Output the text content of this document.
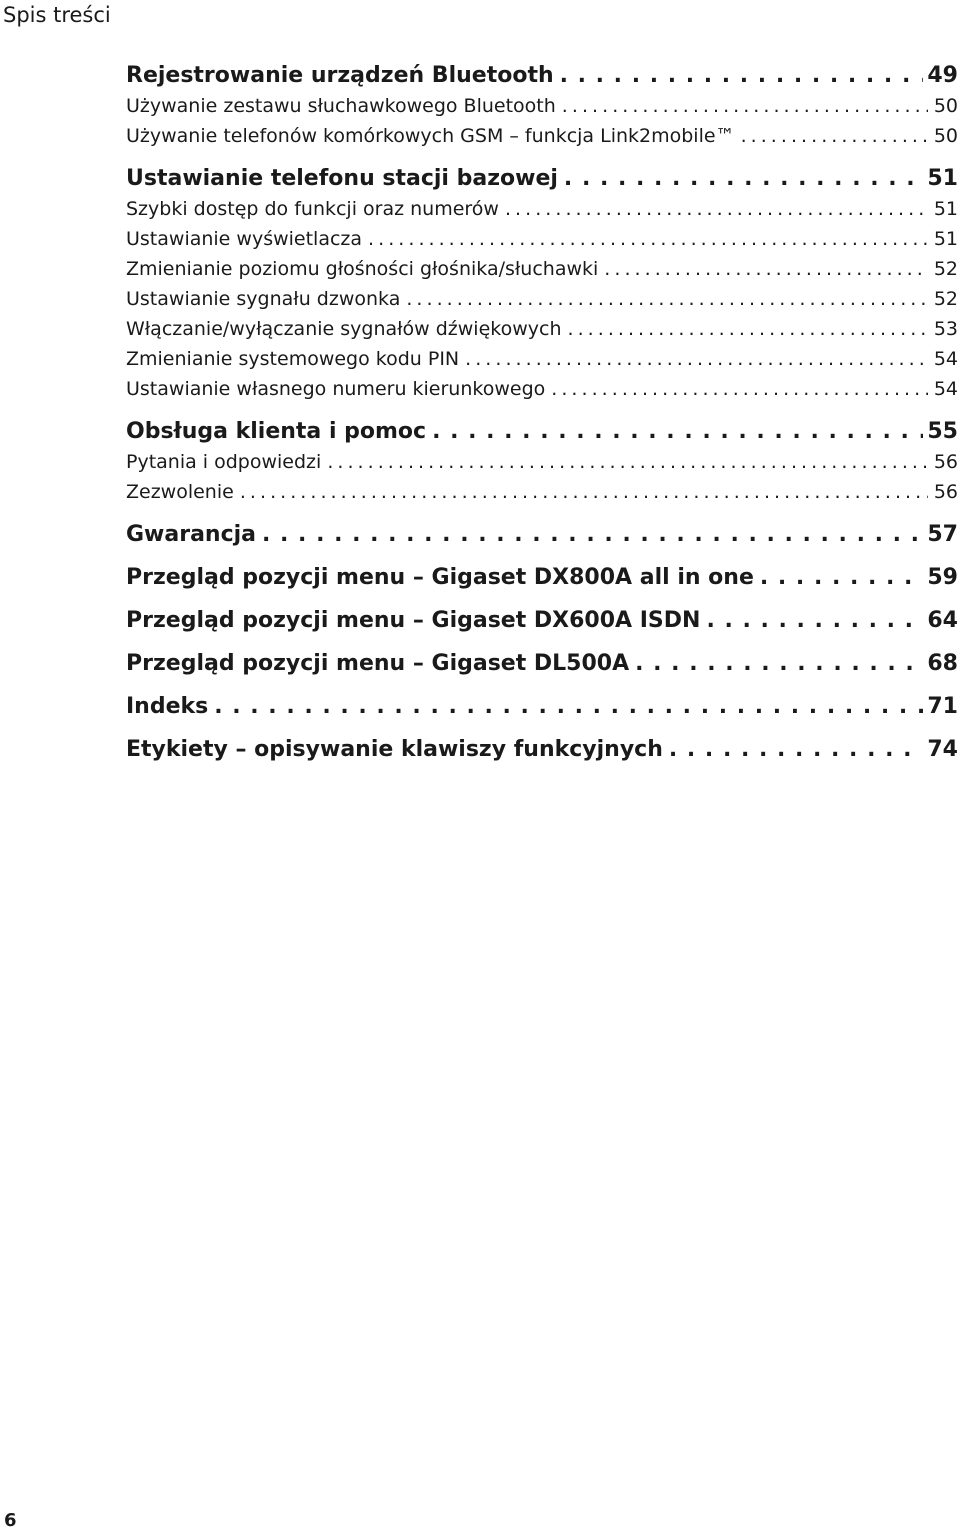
Spis treści
Rejestrowanie urządzeń Bluetooth . . .	49
Używanie zestawu słuchawkowego Bluetooth . . .	50
Używanie telefonów komórkowych GSM – funkcja Link2mobile™ . . .	50
Ustawianie telefonu stacji bazowej . . .	51
Szybki dostęp do funkcji oraz numerów . . .	51
Ustawianie wyświetlacza . . .	51
Zmienianie poziomu głośności głośnika/słuchawki . . .	52
Ustawianie sygnału dzwonka . . .	52
Włączanie/wyłączanie sygnałów dźwiękowych . . .	53
Zmienianie systemowego kodu PIN . . .	54
Ustawianie własnego numeru kierunkowego . . .	54
Obsługa klienta i pomoc . . .	55
Pytania i odpowiedzi . . .	56
Zezwolenie . . .	56
Gwarancja . . .	57
Przegląd pozycji menu – Gigaset DX800A all in one . . .	59
Przegląd pozycji menu – Gigaset DX600A ISDN . . .	64
Przegląd pozycji menu – Gigaset DL500A . . .	68
Indeks . . .	71
Etykiety – opisywanie klawiszy funkcyjnych . . .	74
6
